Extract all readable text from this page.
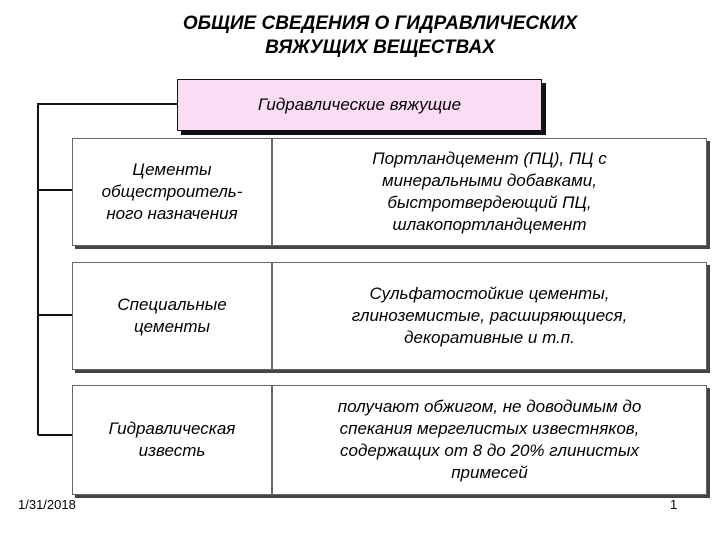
ОБЩИЕ СВЕДЕНИЯ О ГИДРАВЛИЧЕСКИХ
ВЯЖУЩИХ ВЕЩЕСТВАХ
Гидравлические вяжущие
Цементы
общестроитель-
ного назначения
Портландцемент (ПЦ), ПЦ с
минеральными добавками,
быстротвердеющий ПЦ,
шлакопортландцемент
Специальные
цементы
Сульфатостойкие цементы,
глиноземистые, расширяющиеся,
декоративные и т.п.
Гидравлическая
известь
получают обжигом, не доводимым до
спекания мергелистых известняков,
содержащих от 8 до 20% глинистых
примесей
1/31/2018	1
